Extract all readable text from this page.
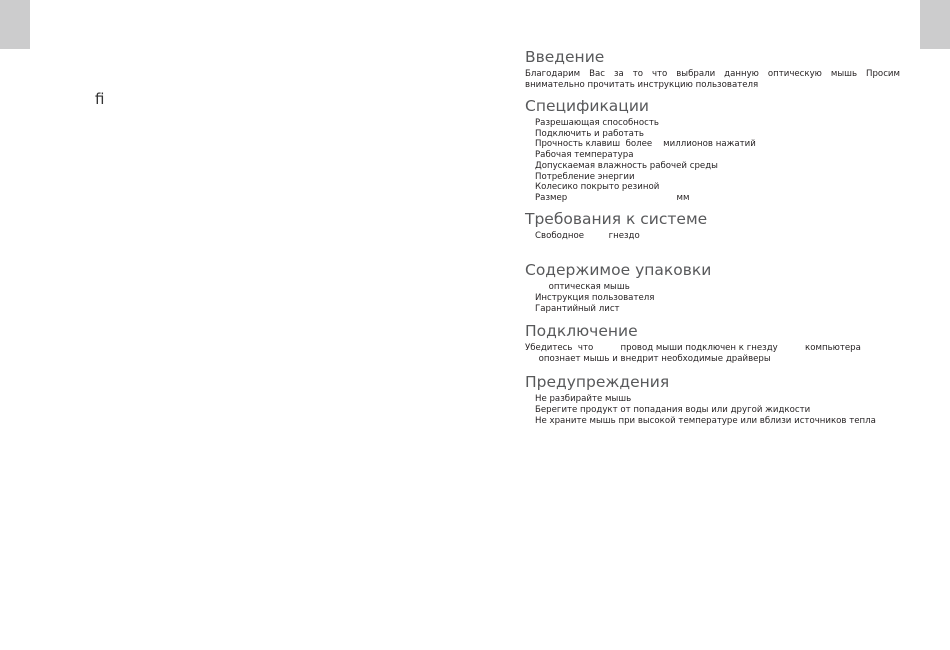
ﬁ
Введение
Благодарим Вас за то что выбрали данную оптическую мышь Просим
внимательно прочитать инструкцию пользователя
Спецификации
Разрешающая способность
Подключить и работать
Прочность клавиш  более    миллионов нажатий
Рабочая температура
Допускаемая влажность рабочей среды
Потребление энергии
Колесико покрыто резиной
Размер                                        мм
Требования к системе
Свободное         гнездо
Содержимое упаковки
оптическая мышь
Инструкция пользователя
Гарантийный лист
Подключение
Убедитесь  что          провод мыши подключен к гнезду          компьютера
опознает мышь и внедрит необходимые драйверы
Предупреждения
Не разбирайте мышь
Берегите продукт от попадания воды или другой жидкости
Не храните мышь при высокой температуре или вблизи источников тепла
